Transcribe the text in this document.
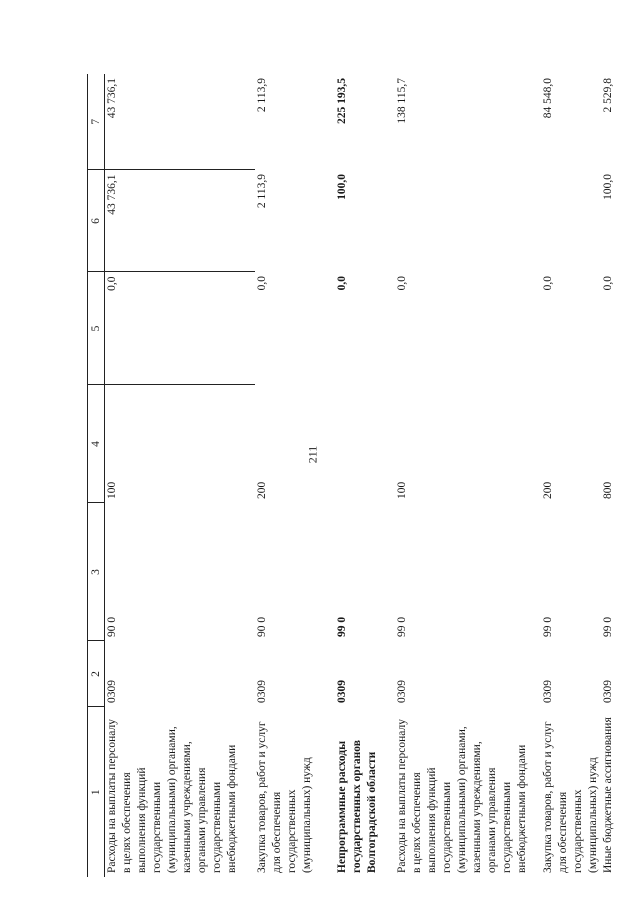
211
1	2	3	4	5	6	7
Расходы на выплаты персоналу в целях обеспечения выполнения функций государственными (муниципальными) органами, казенными учреждениями, органами управления государственными внебюджетными фондами	0309	90 0	100	0,0	43 736,1	43 736,1
Закупка товаров, работ и услуг для обеспечения государственных (муниципальных) нужд	0309	90 0	200	0,0	2 113,9	2 113,9
Непрограммные расходы государственных органов Волгоградской области	0309	99 0		0,0	100,0	225 193,5
Расходы на выплаты персоналу в целях обеспечения выполнения функций государственными (муниципальными) органами, казенными учреждениями, органами управления государственными внебюджетными фондами	0309	99 0	100	0,0		138 115,7
Закупка товаров, работ и услуг для обеспечения государственных (муниципальных) нужд	0309	99 0	200	0,0		84 548,0
Иные бюджетные ассигнования	0309	99 0	800	0,0	100,0	2 529,8
